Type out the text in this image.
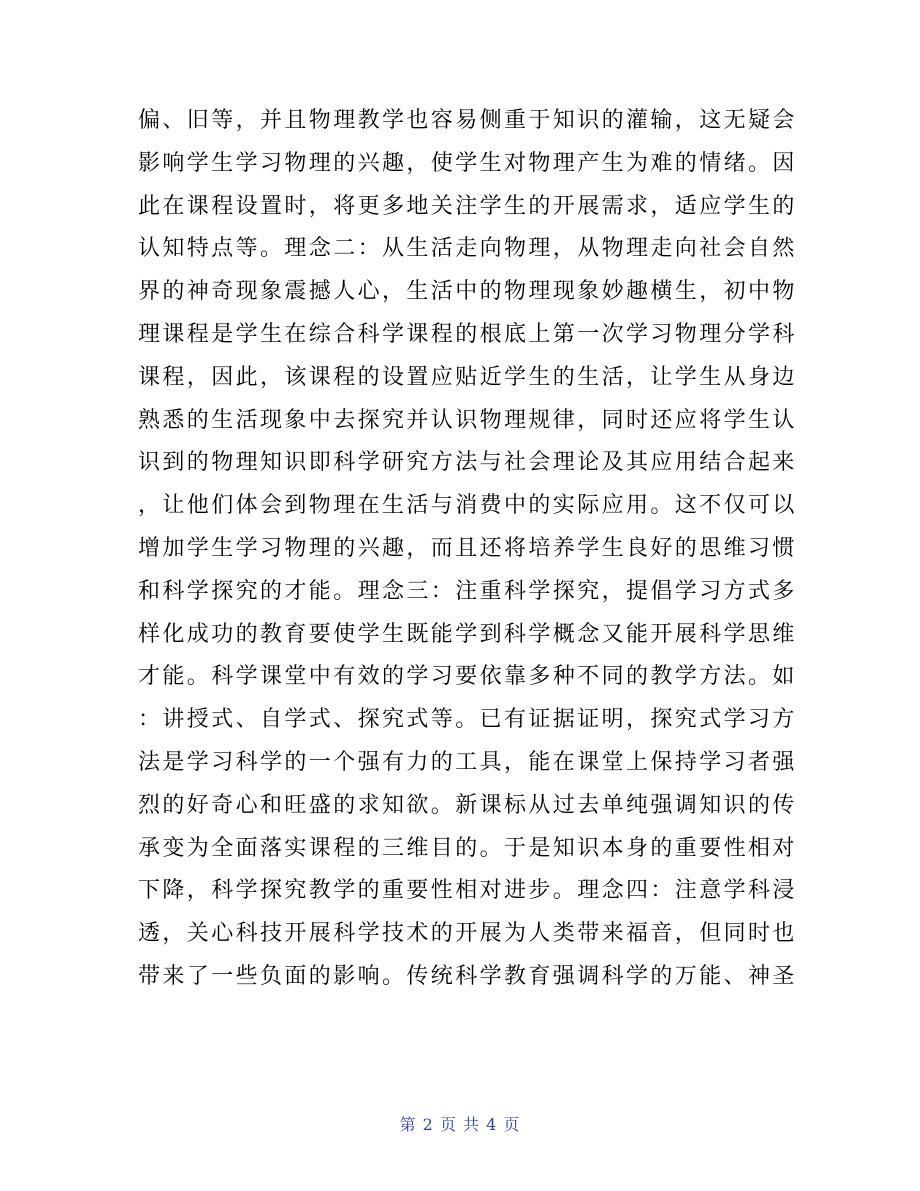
偏、旧等，并且物理教学也容易侧重于知识的灌输，这无疑会
影响学生学习物理的兴趣，使学生对物理产生为难的情绪。因
此在课程设置时，将更多地关注学生的开展需求，适应学生的
认知特点等。理念二：从生活走向物理，从物理走向社会自然
界的神奇现象震撼人心，生活中的物理现象妙趣横生，初中物
理课程是学生在综合科学课程的根底上第一次学习物理分学科
课程，因此，该课程的设置应贴近学生的生活，让学生从身边
熟悉的生活现象中去探究并认识物理规律，同时还应将学生认
识到的物理知识即科学研究方法与社会理论及其应用结合起来
，让他们体会到物理在生活与消费中的实际应用。这不仅可以
增加学生学习物理的兴趣，而且还将培养学生良好的思维习惯
和科学探究的才能。理念三：注重科学探究，提倡学习方式多
样化成功的教育要使学生既能学到科学概念又能开展科学思维
才能。科学课堂中有效的学习要依靠多种不同的教学方法。如
：讲授式、自学式、探究式等。已有证据证明，探究式学习方
法是学习科学的一个强有力的工具，能在课堂上保持学习者强
烈的好奇心和旺盛的求知欲。新课标从过去单纯强调知识的传
承变为全面落实课程的三维目的。于是知识本身的重要性相对
下降，科学探究教学的重要性相对进步。理念四：注意学科浸
透，关心科技开展科学技术的开展为人类带来福音，但同时也
带来了一些负面的影响。传统科学教育强调科学的万能、神圣
第 2 页 共 4 页
